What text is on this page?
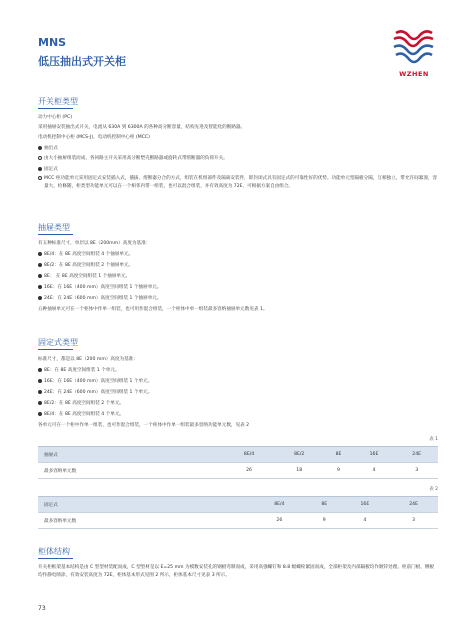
MNS
低压抽出式开关柜
WZHEN
开关柜类型
动力中心柜 (PC)
采用抽屉安装抽出式开关，电流从 630A 到 6300A 的各种高分断容量，结构先进及智能化的断路器。
电动机控制中心柜 (MCS-J)，电动机控制中心柜 (MCC)
抽出式
由大小抽屉组装而成，各回路主开关采用高分断塑壳断路器或旋转式带熔断器的负荷开关。
固定式
MCC 柜功能单元采用固定式安装插入式，插拔、熔断器分合的方式，组装在机组部件及隔离安装件，即封闭式具有固定式的可靠性好的优势。功能单元型隔板分隔，互相独立，带允许间紧凑，容量大，检修随，柜类型功能单元可以在一个相邻内带一组装，也可以混合组装，并有效高度为 72E，可根据方案自由组合。
抽屉类型
有五种标准尺寸，单层以 8E（200mm）高度为基准：
8E/4：在 8E 高度空间组装 4 个抽屉单元。
8E/2：在 8E 高度空间组装 2 个抽屉单元。
8E： 在 8E 高度空间组装 1 个抽屉单元。
16E：在 16E（400 mm）高度空间组装 1 个抽屉单元。
24E：在 24E（600 mm）高度空间组装 1 个抽屉单元。
五种抽屉单元可在一个柜体中作单一组装，也可用作混合组装，一个柜体中单一组装最多容纳抽屉单元数见表 1。
固定式类型
标准尺寸，都是以 8E（200 mm）高度为基准：
8E：在 8E 高度空间组装 1 个单元。
16E：在 16E（400 mm）高度空间组装 1 个单元。
24E：在 24E（600 mm）高度空间组装 1 个单元。
8E/2：在 8E 高度空间组装 2 个单元。
8E/4：在 8E 高度空间组装 4 个单元。
各单元可在一个柜中作单一组装，也可作混合组装，一个柜体中作单一组装最多容纳功能单元数，见表 2
表 1
抽屉式	8E/4	8E/2	8E	16E	24E
最多容纳单元数	26	18	9	4	3
表 2
固定式	8E/4	8E	16E	24E
最多容纳单元数	26	9	4	3
柜体结构
开关柜框架基本结构是由 C 型型材装配而成，C 型型材是以 E=25 mm 为模数安装孔的钢板弯制而成，采用高强螺钉和 8.8 级螺栓紧固而成，全部柜架及内部隔板均作镀锌处理。柜前门板、侧板均作静电喷涂，有效安装高度为 72E，柜体基本形式见图 2 所示，柜体基本尺寸见表 3 所示。
73
